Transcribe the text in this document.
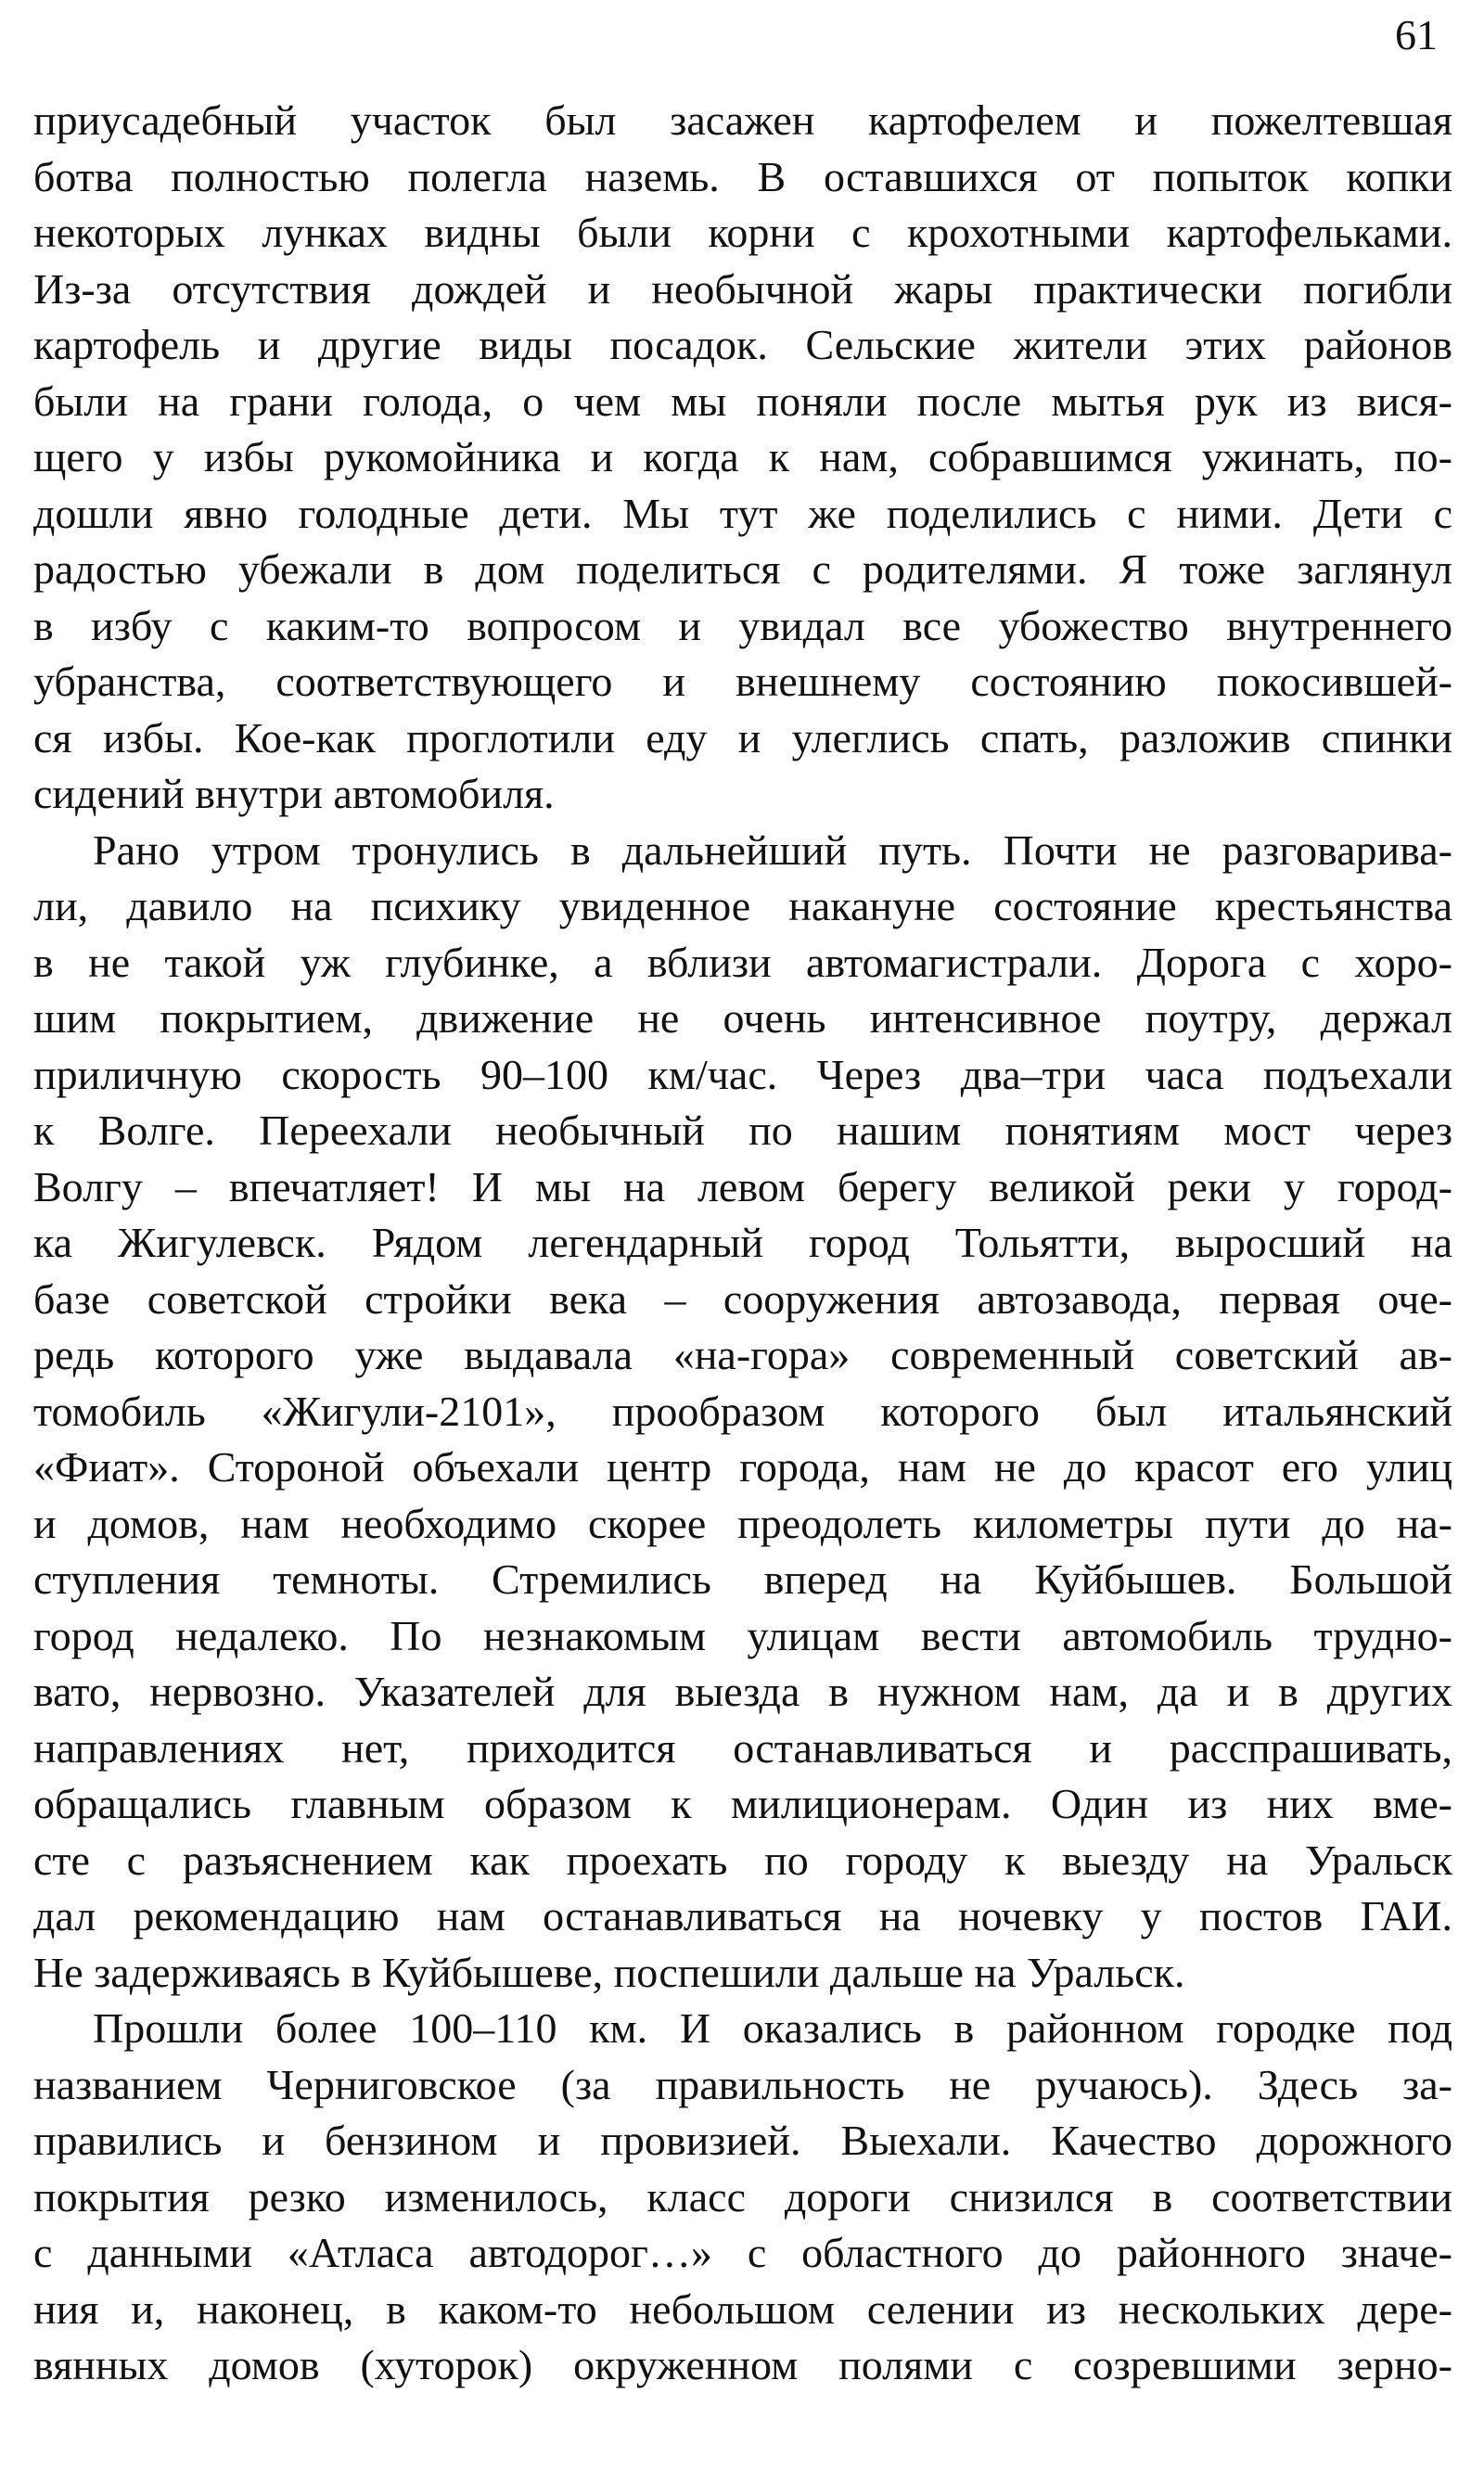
61
приусадебный участок был засажен картофелем и пожелтевшая
ботва полностью полегла наземь. В оставшихся от попыток копки
некоторых лунках видны были корни с крохотными картофельками.
Из-за отсутствия дождей и необычной жары практически погибли
картофель и другие виды посадок. Сельские жители этих районов
были на грани голода, о чем мы поняли после мытья рук из вися-
щего у избы рукомойника и когда к нам, собравшимся ужинать, по-
дошли явно голодные дети. Мы тут же поделились с ними. Дети с
радостью убежали в дом поделиться с родителями. Я тоже заглянул
в избу с каким-то вопросом и увидал все убожество внутреннего
убранства, соответствующего и внешнему состоянию покосившей-
ся избы. Кое-как проглотили еду и улеглись спать, разложив спинки
сидений внутри автомобиля.
Рано утром тронулись в дальнейший путь. Почти не разговарива-
ли, давило на психику увиденное накануне состояние крестьянства
в не такой уж глубинке, а вблизи автомагистрали. Дорога с хоро-
шим покрытием, движение не очень интенсивное поутру, держал
приличную скорость 90–100 км/час. Через два–три часа подъехали
к Волге. Переехали необычный по нашим понятиям мост через
Волгу – впечатляет! И мы на левом берегу великой реки у город-
ка Жигулевск. Рядом легендарный город Тольятти, выросший на
базе советской стройки века – сооружения автозавода, первая оче-
редь которого уже выдавала «на-гора» современный советский ав-
томобиль «Жигули-2101», прообразом которого был итальянский
«Фиат». Стороной объехали центр города, нам не до красот его улиц
и домов, нам необходимо скорее преодолеть километры пути до на-
ступления темноты. Стремились вперед на Куйбышев. Большой
город недалеко. По незнакомым улицам вести автомобиль трудно-
вато, нервозно. Указателей для выезда в нужном нам, да и в других
направлениях нет, приходится останавливаться и расспрашивать,
обращались главным образом к милиционерам. Один из них вме-
сте с разъяснением как проехать по городу к выезду на Уральск
дал рекомендацию нам останавливаться на ночевку у постов ГАИ.
Не задерживаясь в Куйбышеве, поспешили дальше на Уральск.
Прошли более 100–110 км. И оказались в районном городке под
названием Черниговское (за правильность не ручаюсь). Здесь за-
правились и бензином и провизией. Выехали. Качество дорожного
покрытия резко изменилось, класс дороги снизился в соответствии
с данными «Атласа автодорог…» с областного до районного значе-
ния и, наконец, в каком-то небольшом селении из нескольких дере-
вянных домов (хуторок) окруженном полями с созревшими зерно-
